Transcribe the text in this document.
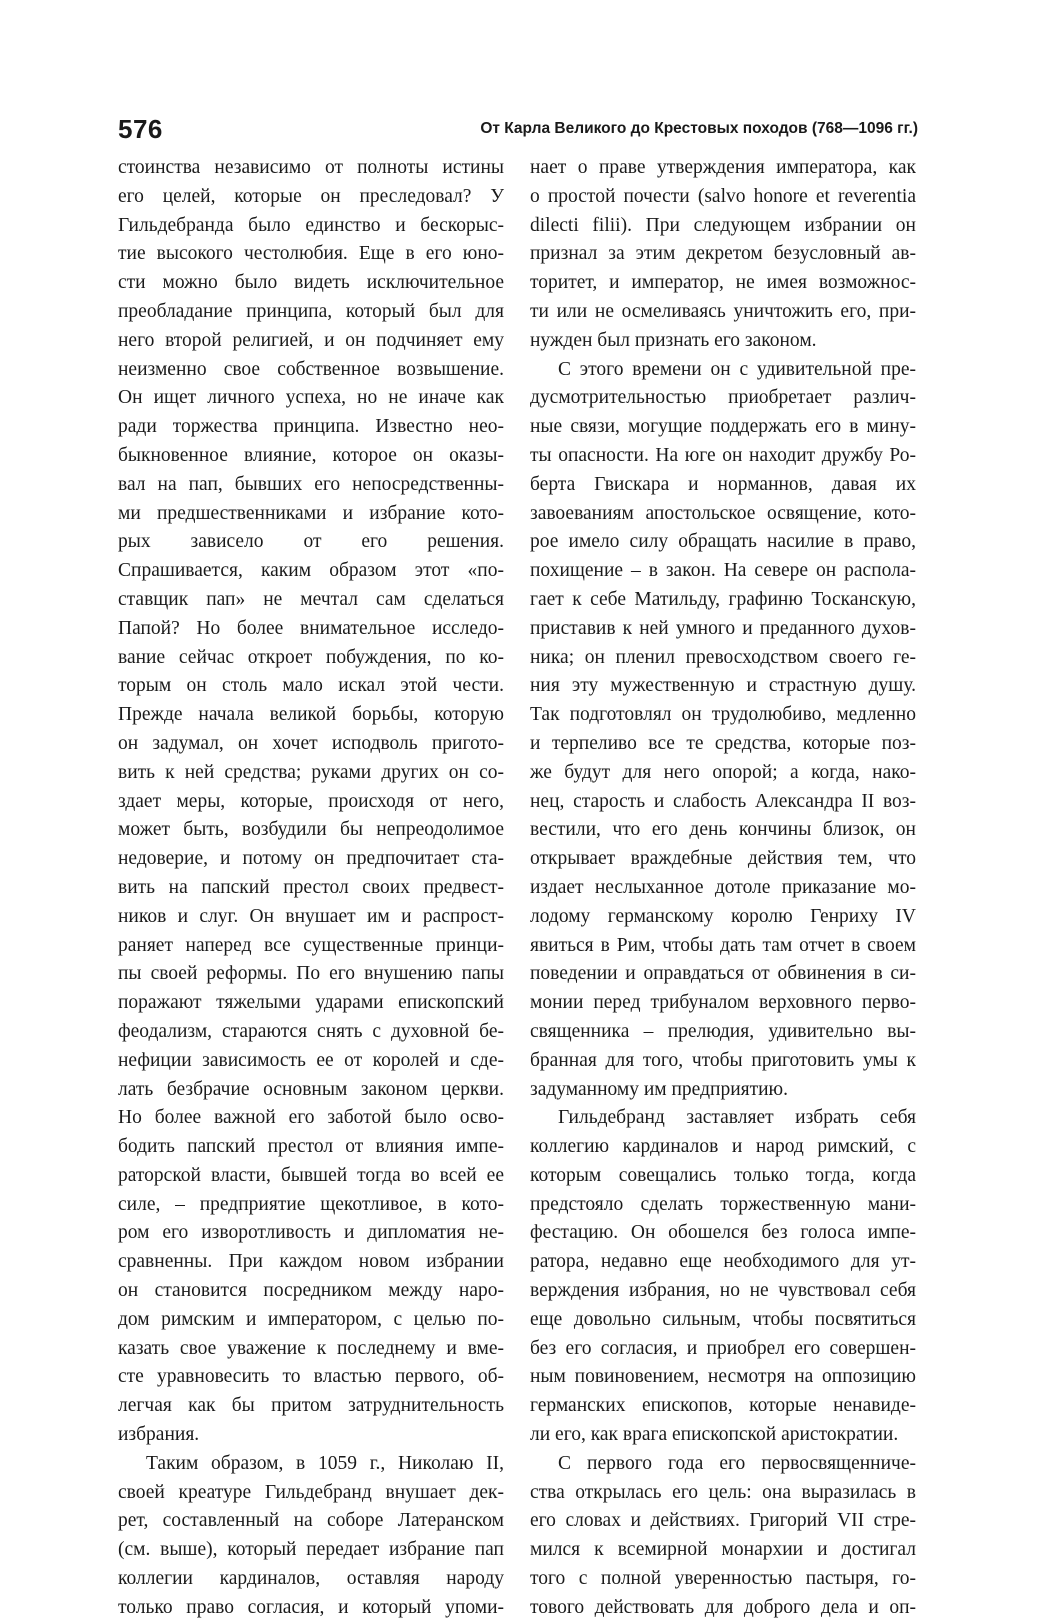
576	От Карла Великого до Крестовых походов (768—1096 гг.)
стоинства независимо от полноты истины
его целей, которые он преследовал? У
Гильдебранда было единство и бескорыс-
тие высокого честолюбия. Еще в его юно-
сти можно было видеть исключительное
преобладание принципа, который был для
него второй религией, и он подчиняет ему
неизменно свое собственное возвышение.
Он ищет личного успеха, но не иначе как
ради торжества принципа. Известно нео-
быкновенное влияние, которое он оказы-
вал на пап, бывших его непосредственны-
ми предшественниками и избрание кото-
рых зависело от его решения.
Спрашивается, каким образом этот «по-
ставщик пап» не мечтал сам сделаться
Папой? Но более внимательное исследо-
вание сейчас откроет побуждения, по ко-
торым он столь мало искал этой чести.
Прежде начала великой борьбы, которую
он задумал, он хочет исподволь пригото-
вить к ней средства; руками других он со-
здает меры, которые, происходя от него,
может быть, возбудили бы непреодолимое
недоверие, и потому он предпочитает ста-
вить на папский престол своих предвест-
ников и слуг. Он внушает им и распрост-
раняет наперед все существенные принци-
пы своей реформы. По его внушению папы
поражают тяжелыми ударами епископский
феодализм, стараются снять с духовной бе-
нефиции зависимость ее от королей и сде-
лать безбрачие основным законом церкви.
Но более важной его заботой было осво-
бодить папский престол от влияния импе-
раторской власти, бывшей тогда во всей ее
силе, – предприятие щекотливое, в кото-
ром его изворотливость и дипломатия не-
сравненны. При каждом новом избрании
он становится посредником между наро-
дом римским и императором, с целью по-
казать свое уважение к последнему и вме-
сте уравновесить то властью первого, об-
легчая как бы притом затруднительность
избрания.
Таким образом, в 1059 г., Николаю II,
своей креатуре Гильдебранд внушает дек-
рет, составленный на соборе Латеранском
(см. выше), который передает избрание пап
коллегии кардиналов, оставляя народу
только право согласия, и который упоми-
нает о праве утверждения императора, как
о простой почести (salvo honore et reverentia
dilecti filii). При следующем избрании он
признал за этим декретом безусловный ав-
торитет, и император, не имея возможнос-
ти или не осмеливаясь уничтожить его, при-
нужден был признать его законом.
С этого времени он с удивительной пре-
дусмотрительностью приобретает различ-
ные связи, могущие поддержать его в мину-
ты опасности. На юге он находит дружбу Ро-
берта Гвискара и норманнов, давая их
завоеваниям апостольское освящение, кото-
рое имело силу обращать насилие в право,
похищение – в закон. На севере он распола-
гает к себе Матильду, графиню Тосканскую,
приставив к ней умного и преданного духов-
ника; он пленил превосходством своего ге-
ния эту мужественную и страстную душу.
Так подготовлял он трудолюбиво, медленно
и терпеливо все те средства, которые поз-
же будут для него опорой; а когда, нако-
нец, старость и слабость Александра II воз-
вестили, что его день кончины близок, он
открывает враждебные действия тем, что
издает неслыханное дотоле приказание мо-
лодому германскому королю Генриху IV
явиться в Рим, чтобы дать там отчет в своем
поведении и оправдаться от обвинения в си-
монии перед трибуналом верховного перво-
священника – прелюдия, удивительно вы-
бранная для того, чтобы приготовить умы к
задуманному им предприятию.
Гильдебранд заставляет избрать себя
коллегию кардиналов и народ римский, с
которым совещались только тогда, когда
предстояло сделать торжественную мани-
фестацию. Он обошелся без голоса импе-
ратора, недавно еще необходимого для ут-
верждения избрания, но не чувствовал себя
еще довольно сильным, чтобы посвятиться
без его согласия, и приобрел его совершен-
ным повиновением, несмотря на оппозицию
германских епископов, которые ненавиде-
ли его, как врага епископской аристократии.
С первого года его первосвященниче-
ства открылась его цель: она выразилась в
его словах и действиях. Григорий VII стре-
мился к всемирной монархии и достигал
того с полной уверенностью пастыря, го-
тового действовать для доброго дела и оп-
